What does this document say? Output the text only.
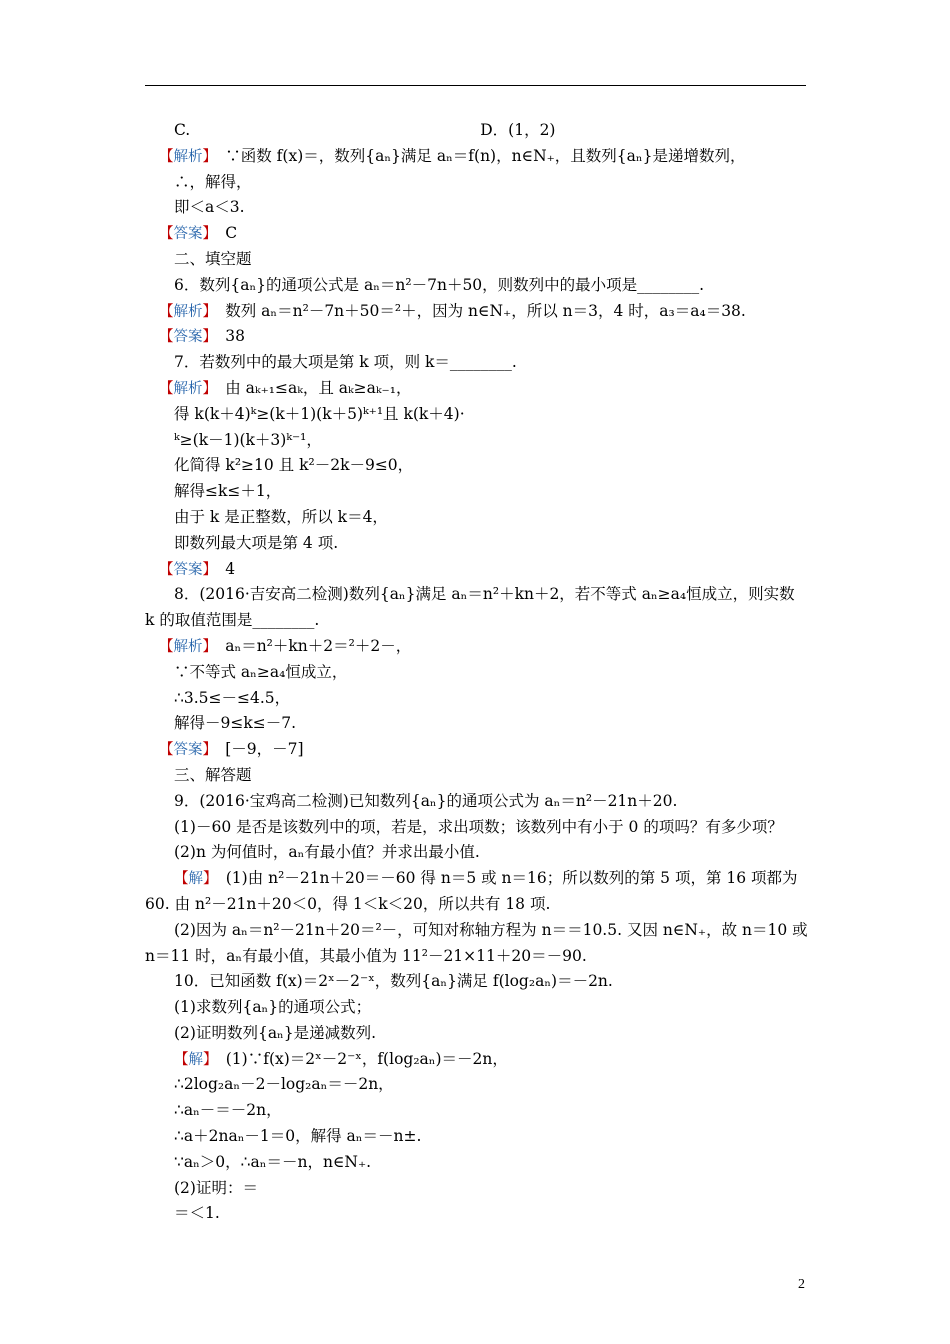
C.	D．(1，2)
【解析】　∵函数 f(x)＝，数列{aₙ}满足 aₙ＝f(n)，n∈N₊，且数列{aₙ}是递增数列，
∴，解得，
即＜a＜3.
【答案】　C
二、填空题
6．数列{aₙ}的通项公式是 aₙ＝n²－7n＋50，则数列中的最小项是________.
【解析】　数列 aₙ＝n²－7n＋50＝²＋，因为 n∈N₊，所以 n＝3，4 时，a₃＝a₄＝38.
【答案】　38
7．若数列中的最大项是第 k 项，则 k＝________.
【解析】　由 aₖ₊₁≤aₖ，且 aₖ≥aₖ₋₁，
得 k(k＋4)ᵏ≥(k＋1)(k＋5)ᵏ⁺¹且 k(k＋4)·
ᵏ≥(k－1)(k＋3)ᵏ⁻¹，
化简得 k²≥10 且 k²－2k－9≤0，
解得≤k≤＋1，
由于 k 是正整数，所以 k＝4，
即数列最大项是第 4 项.
【答案】　4
8．(2016·吉安高二检测)数列{aₙ}满足 aₙ＝n²＋kn＋2，若不等式 aₙ≥a₄恒成立，则实数
k 的取值范围是________.
【解析】　aₙ＝n²＋kn＋2＝²＋2－，
∵不等式 aₙ≥a₄恒成立，
∴3.5≤－≤4.5，
解得－9≤k≤－7.
【答案】　[－9，－7]
三、解答题
9．(2016·宝鸡高二检测)已知数列{aₙ}的通项公式为 aₙ＝n²－21n＋20.
(1)－60 是否是该数列中的项，若是，求出项数；该数列中有小于 0 的项吗？有多少项？
(2)n 为何值时，aₙ有最小值？并求出最小值.
【解】　(1)由 n²－21n＋20＝－60 得 n＝5 或 n＝16；所以数列的第 5 项，第 16 项都为
60. 由 n²－21n＋20＜0，得 1＜k＜20，所以共有 18 项.
(2)因为 aₙ＝n²－21n＋20＝²－，可知对称轴方程为 n＝＝10.5. 又因 n∈N₊，故 n＝10 或
n＝11 时，aₙ有最小值，其最小值为 11²－21×11＋20＝－90.
10．已知函数 f(x)＝2ˣ－2⁻ˣ，数列{aₙ}满足 f(log₂aₙ)＝－2n.
(1)求数列{aₙ}的通项公式；
(2)证明数列{aₙ}是递减数列.
【解】　(1)∵f(x)＝2ˣ－2⁻ˣ，f(log₂aₙ)＝－2n，
∴2log₂aₙ－2－log₂aₙ＝－2n，
∴aₙ－＝－2n，
∴a＋2naₙ－1＝0，解得 aₙ＝－n±.
∵aₙ＞0，∴aₙ＝－n，n∈N₊.
(2)证明：＝
＝＜1.
2
